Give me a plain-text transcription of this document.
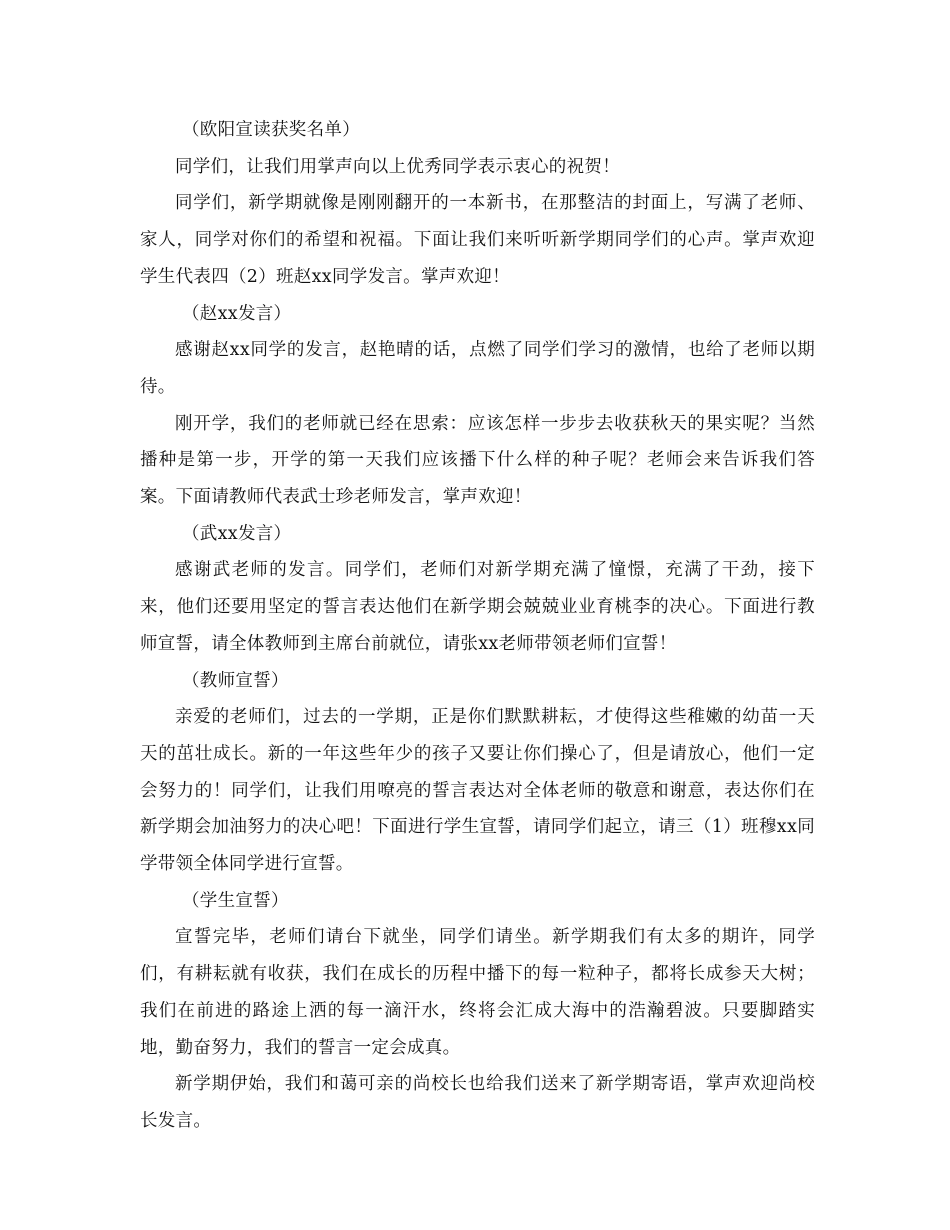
（欧阳宣读获奖名单）

同学们，让我们用掌声向以上优秀同学表示衷心的祝贺！

同学们，新学期就像是刚刚翻开的一本新书，在那整洁的封面上，写满了老师、家人，同学对你们的希望和祝福。下面让我们来听听新学期同学们的心声。掌声欢迎学生代表四（2）班赵xx同学发言。掌声欢迎！

（赵xx发言）

感谢赵xx同学的发言，赵艳晴的话，点燃了同学们学习的激情，也给了老师以期待。

刚开学，我们的老师就已经在思索：应该怎样一步步去收获秋天的果实呢？当然播种是第一步，开学的第一天我们应该播下什么样的种子呢？老师会来告诉我们答案。下面请教师代表武士珍老师发言，掌声欢迎！

（武xx发言）

感谢武老师的发言。同学们，老师们对新学期充满了憧憬，充满了干劲，接下来，他们还要用坚定的誓言表达他们在新学期会兢兢业业育桃李的决心。下面进行教师宣誓，请全体教师到主席台前就位，请张xx老师带领老师们宣誓！

（教师宣誓）

亲爱的老师们，过去的一学期，正是你们默默耕耘，才使得这些稚嫩的幼苗一天天的茁壮成长。新的一年这些年少的孩子又要让你们操心了，但是请放心，他们一定会努力的！同学们，让我们用嘹亮的誓言表达对全体老师的敬意和谢意，表达你们在新学期会加油努力的决心吧！下面进行学生宣誓，请同学们起立，请三（1）班穆xx同学带领全体同学进行宣誓。

（学生宣誓）

宣誓完毕，老师们请台下就坐，同学们请坐。新学期我们有太多的期许，同学们，有耕耘就有收获，我们在成长的历程中播下的每一粒种子，都将长成参天大树；我们在前进的路途上洒的每一滴汗水，终将会汇成大海中的浩瀚碧波。只要脚踏实地，勤奋努力，我们的誓言一定会成真。

新学期伊始，我们和蔼可亲的尚校长也给我们送来了新学期寄语，掌声欢迎尚校长发言。
